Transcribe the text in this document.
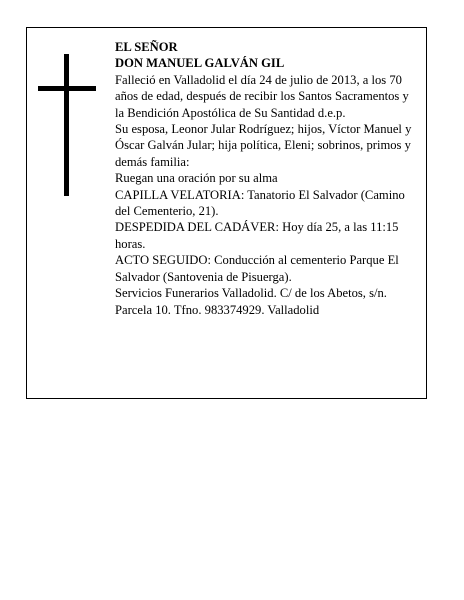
EL SEÑOR

DON MANUEL GALVÁN GIL

Falleció en Valladolid el día 24 de julio de 2013, a los 70 años de edad, después de recibir los Santos Sacramentos y la Bendición Apostólica de Su Santidad d.e.p.

Su esposa, Leonor Jular Rodríguez; hijos, Víctor Manuel y Óscar Galván Jular; hija política, Eleni; sobrinos, primos y demás familia:

Ruegan una oración por su alma

CAPILLA VELATORIA: Tanatorio El Salvador (Camino del Cementerio, 21).

DESPEDIDA DEL CADÁVER: Hoy día 25, a las 11:15 horas.

ACTO SEGUIDO: Conducción al cementerio Parque El Salvador (Santovenia de Pisuerga).

Servicios Funerarios Valladolid. C/ de los Abetos, s/n. Parcela 10. Tfno. 983374929. Valladolid
